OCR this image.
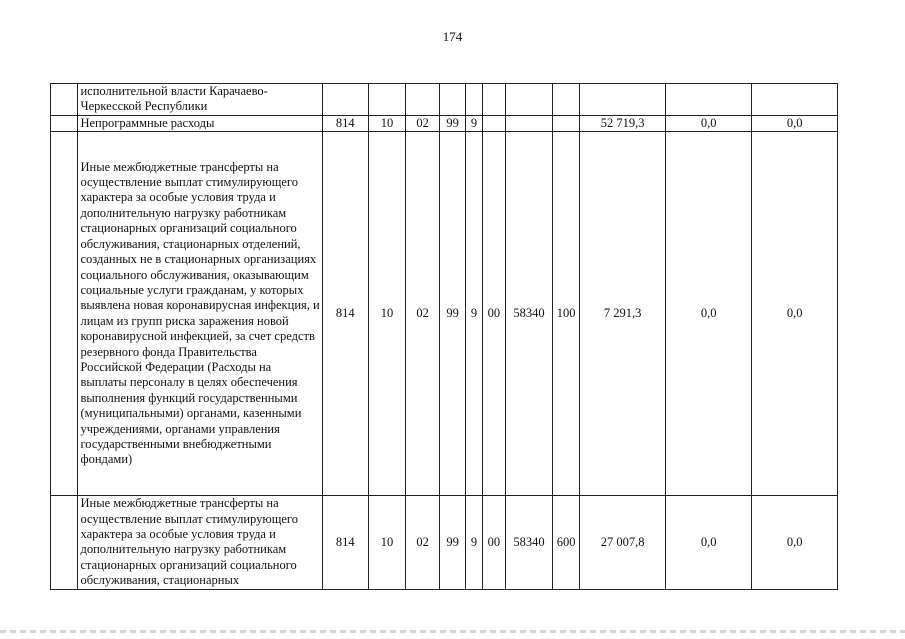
174
	исполнительной власти Карачаево-Черкесской Республики											
	Непрограммные расходы	814	10	02	99	9				52 719,3	0,0	0,0
	Иные межбюджетные трансферты на осуществление выплат стимулирующего характера за особые условия труда и дополнительную нагрузку работникам стационарных организаций социального обслуживания, стационарных отделений, созданных не в стационарных организациях социального обслуживания, оказывающим социальные услуги гражданам, у которых выявлена новая коронавирусная инфекция, и лицам из групп риска заражения новой коронавирусной инфекцией, за счет средств резервного фонда Правительства Российской Федерации (Расходы на выплаты персоналу в целях обеспечения выполнения функций государственными (муниципальными) органами, казенными учреждениями, органами управления государственными внебюджетными фондами)	814	10	02	99	9	00	58340	100	7 291,3	0,0	0,0
	Иные межбюджетные трансферты на осуществление выплат стимулирующего характера за особые условия труда и дополнительную нагрузку работникам стационарных организаций социального обслуживания, стационарных	814	10	02	99	9	00	58340	600	27 007,8	0,0	0,0
